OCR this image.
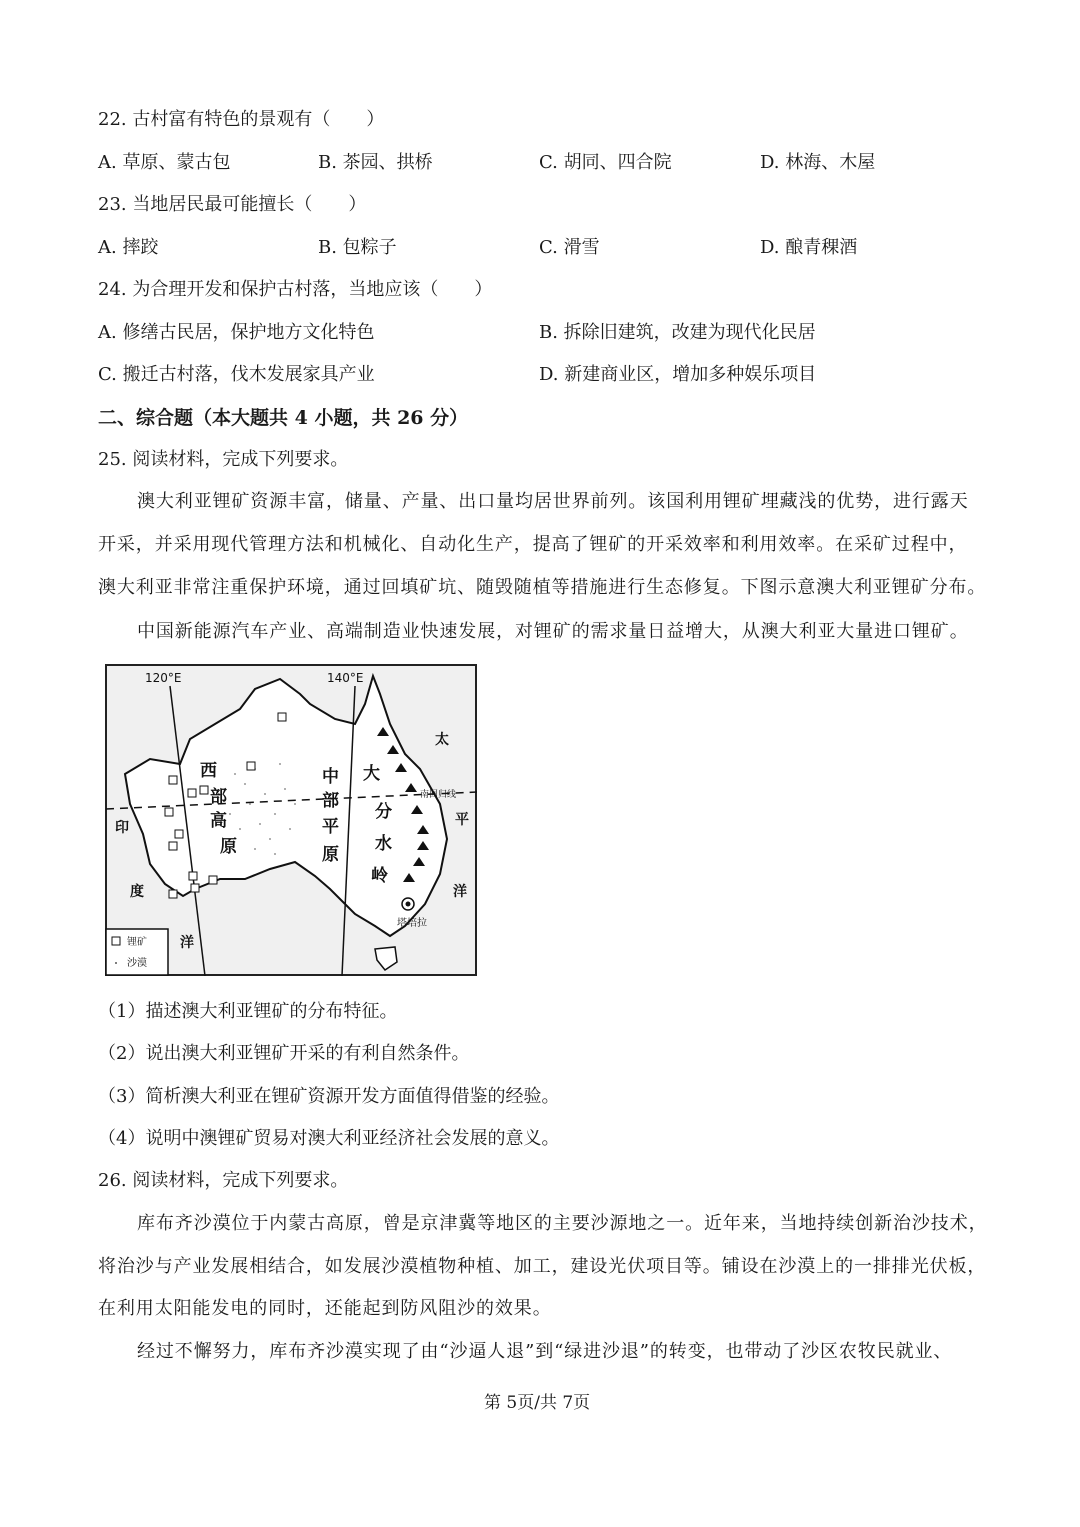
22. 古村富有特色的景观有（　　）
A. 草原、蒙古包	B. 茶园、拱桥	C. 胡同、四合院	D. 林海、木屋
23. 当地居民最可能擅长（　　）
A. 摔跤	B. 包粽子	C. 滑雪	D. 酿青稞酒
24. 为合理开发和保护古村落，当地应该（　　）
A. 修缮古民居，保护地方文化特色	B. 拆除旧建筑，改建为现代化民居
C. 搬迁古村落，伐木发展家具产业	D. 新建商业区，增加多种娱乐项目
二、综合题（本大题共 4 小题，共 26 分）
25. 阅读材料，完成下列要求。
澳大利亚锂矿资源丰富，储量、产量、出口量均居世界前列。该国利用锂矿埋藏浅的优势，进行露天
开采，并采用现代管理方法和机械化、自动化生产，提高了锂矿的开采效率和利用效率。在采矿过程中，
澳大利亚非常注重保护环境，通过回填矿坑、随毁随植等措施进行生态修复。下图示意澳大利亚锂矿分布。
中国新能源汽车产业、高端制造业快速发展，对锂矿的需求量日益增大，从澳大利亚大量进口锂矿。
120°E	140°E
南回归线
西
部
高
原
中
部
平
原
大
分
水
岭
塔培拉
印
度
洋
太
平
洋
锂矿
沙漠
（1）描述澳大利亚锂矿的分布特征。
（2）说出澳大利亚锂矿开采的有利自然条件。
（3）简析澳大利亚在锂矿资源开发方面值得借鉴的经验。
（4）说明中澳锂矿贸易对澳大利亚经济社会发展的意义。
26. 阅读材料，完成下列要求。
库布齐沙漠位于内蒙古高原，曾是京津冀等地区的主要沙源地之一。近年来，当地持续创新治沙技术，
将治沙与产业发展相结合，如发展沙漠植物种植、加工，建设光伏项目等。铺设在沙漠上的一排排光伏板，
在利用太阳能发电的同时，还能起到防风阻沙的效果。
经过不懈努力，库布齐沙漠实现了由“沙逼人退”到“绿进沙退”的转变，也带动了沙区农牧民就业、
第 5页/共 7页
